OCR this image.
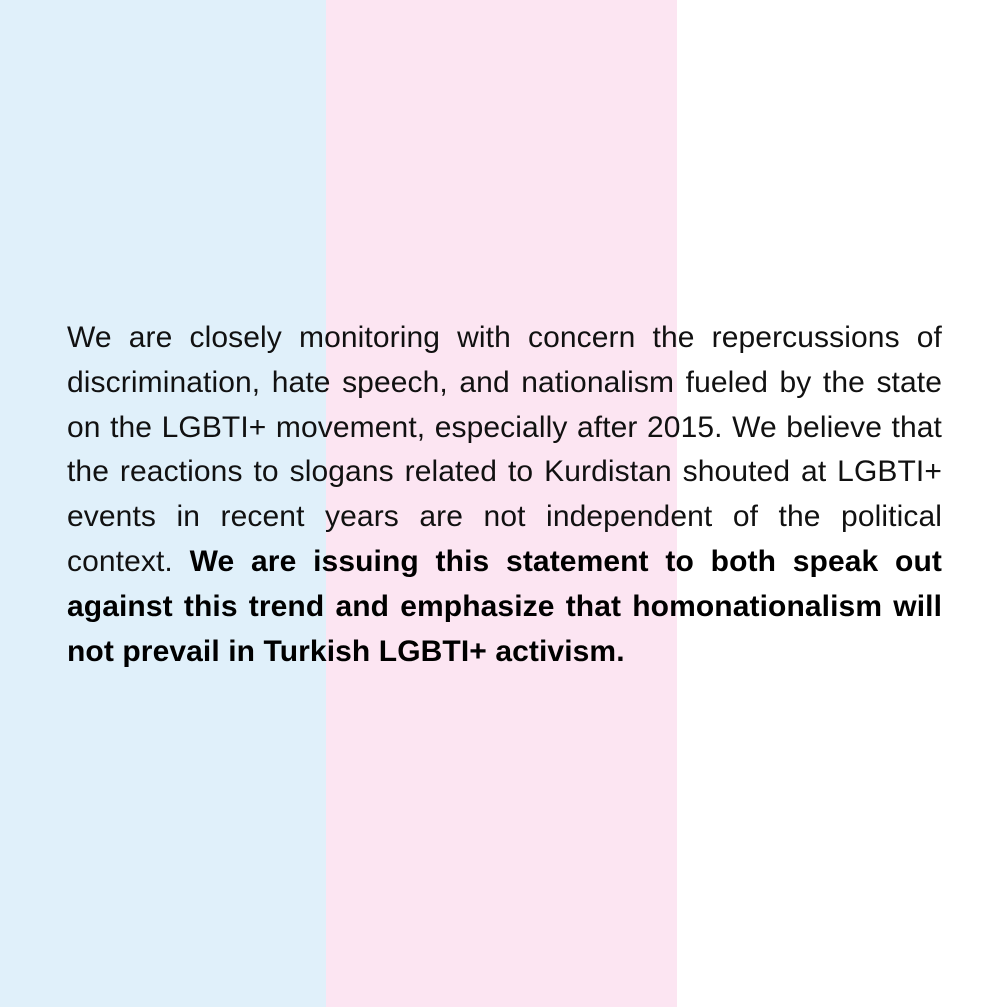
We are closely monitoring with concern the repercussions of discrimination, hate speech, and nationalism fueled by the state on the LGBTI+ movement, especially after 2015. We believe that the reactions to slogans related to Kurdistan shouted at LGBTI+ events in recent years are not independent of the political context. We are issuing this statement to both speak out against this trend and emphasize that homonationalism will not prevail in Turkish LGBTI+ activism.
